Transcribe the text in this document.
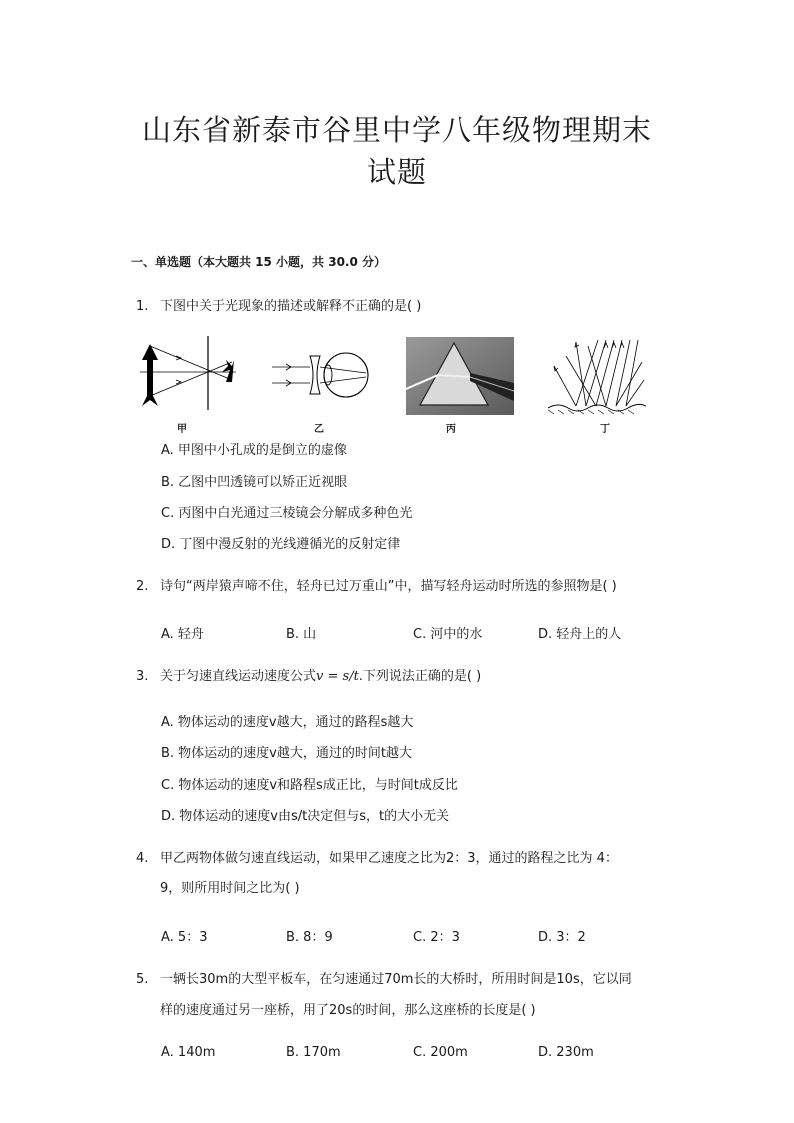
山东省新泰市谷里中学八年级物理期末
试题
一、单选题（本大题共 15 小题，共 30.0 分）
1. 下图中关于光现象的描述或解释不正确的是( )
甲	乙	丙	丁
A. 甲图中小孔成的是倒立的虚像
B. 乙图中凹透镜可以矫正近视眼
C. 丙图中白光通过三棱镜会分解成多种色光
D. 丁图中漫反射的光线遵循光的反射定律
2. 诗句“两岸猿声啼不住，轻舟已过万重山”中，描写轻舟运动时所选的参照物是( )
A. 轻舟	B. 山	C. 河中的水	D. 轻舟上的人
3. 关于匀速直线运动速度公式v = s/t.下列说法正确的是( )
A. 物体运动的速度v越大，通过的路程s越大
B. 物体运动的速度v越大，通过的时间t越大
C. 物体运动的速度v和路程s成正比，与时间t成反比
D. 物体运动的速度v由s/t决定但与s，t的大小无关
4. 甲乙两物体做匀速直线运动，如果甲乙速度之比为2：3，通过的路程之比为 4：
9，则所用时间之比为( )
A. 5：3	B. 8：9	C. 2：3	D. 3：2
5. 一辆长30m的大型平板车，在匀速通过70m长的大桥时，所用时间是10s，它以同
样的速度通过另一座桥，用了20s的时间，那么这座桥的长度是( )
A. 140m	B. 170m	C. 200m	D. 230m
